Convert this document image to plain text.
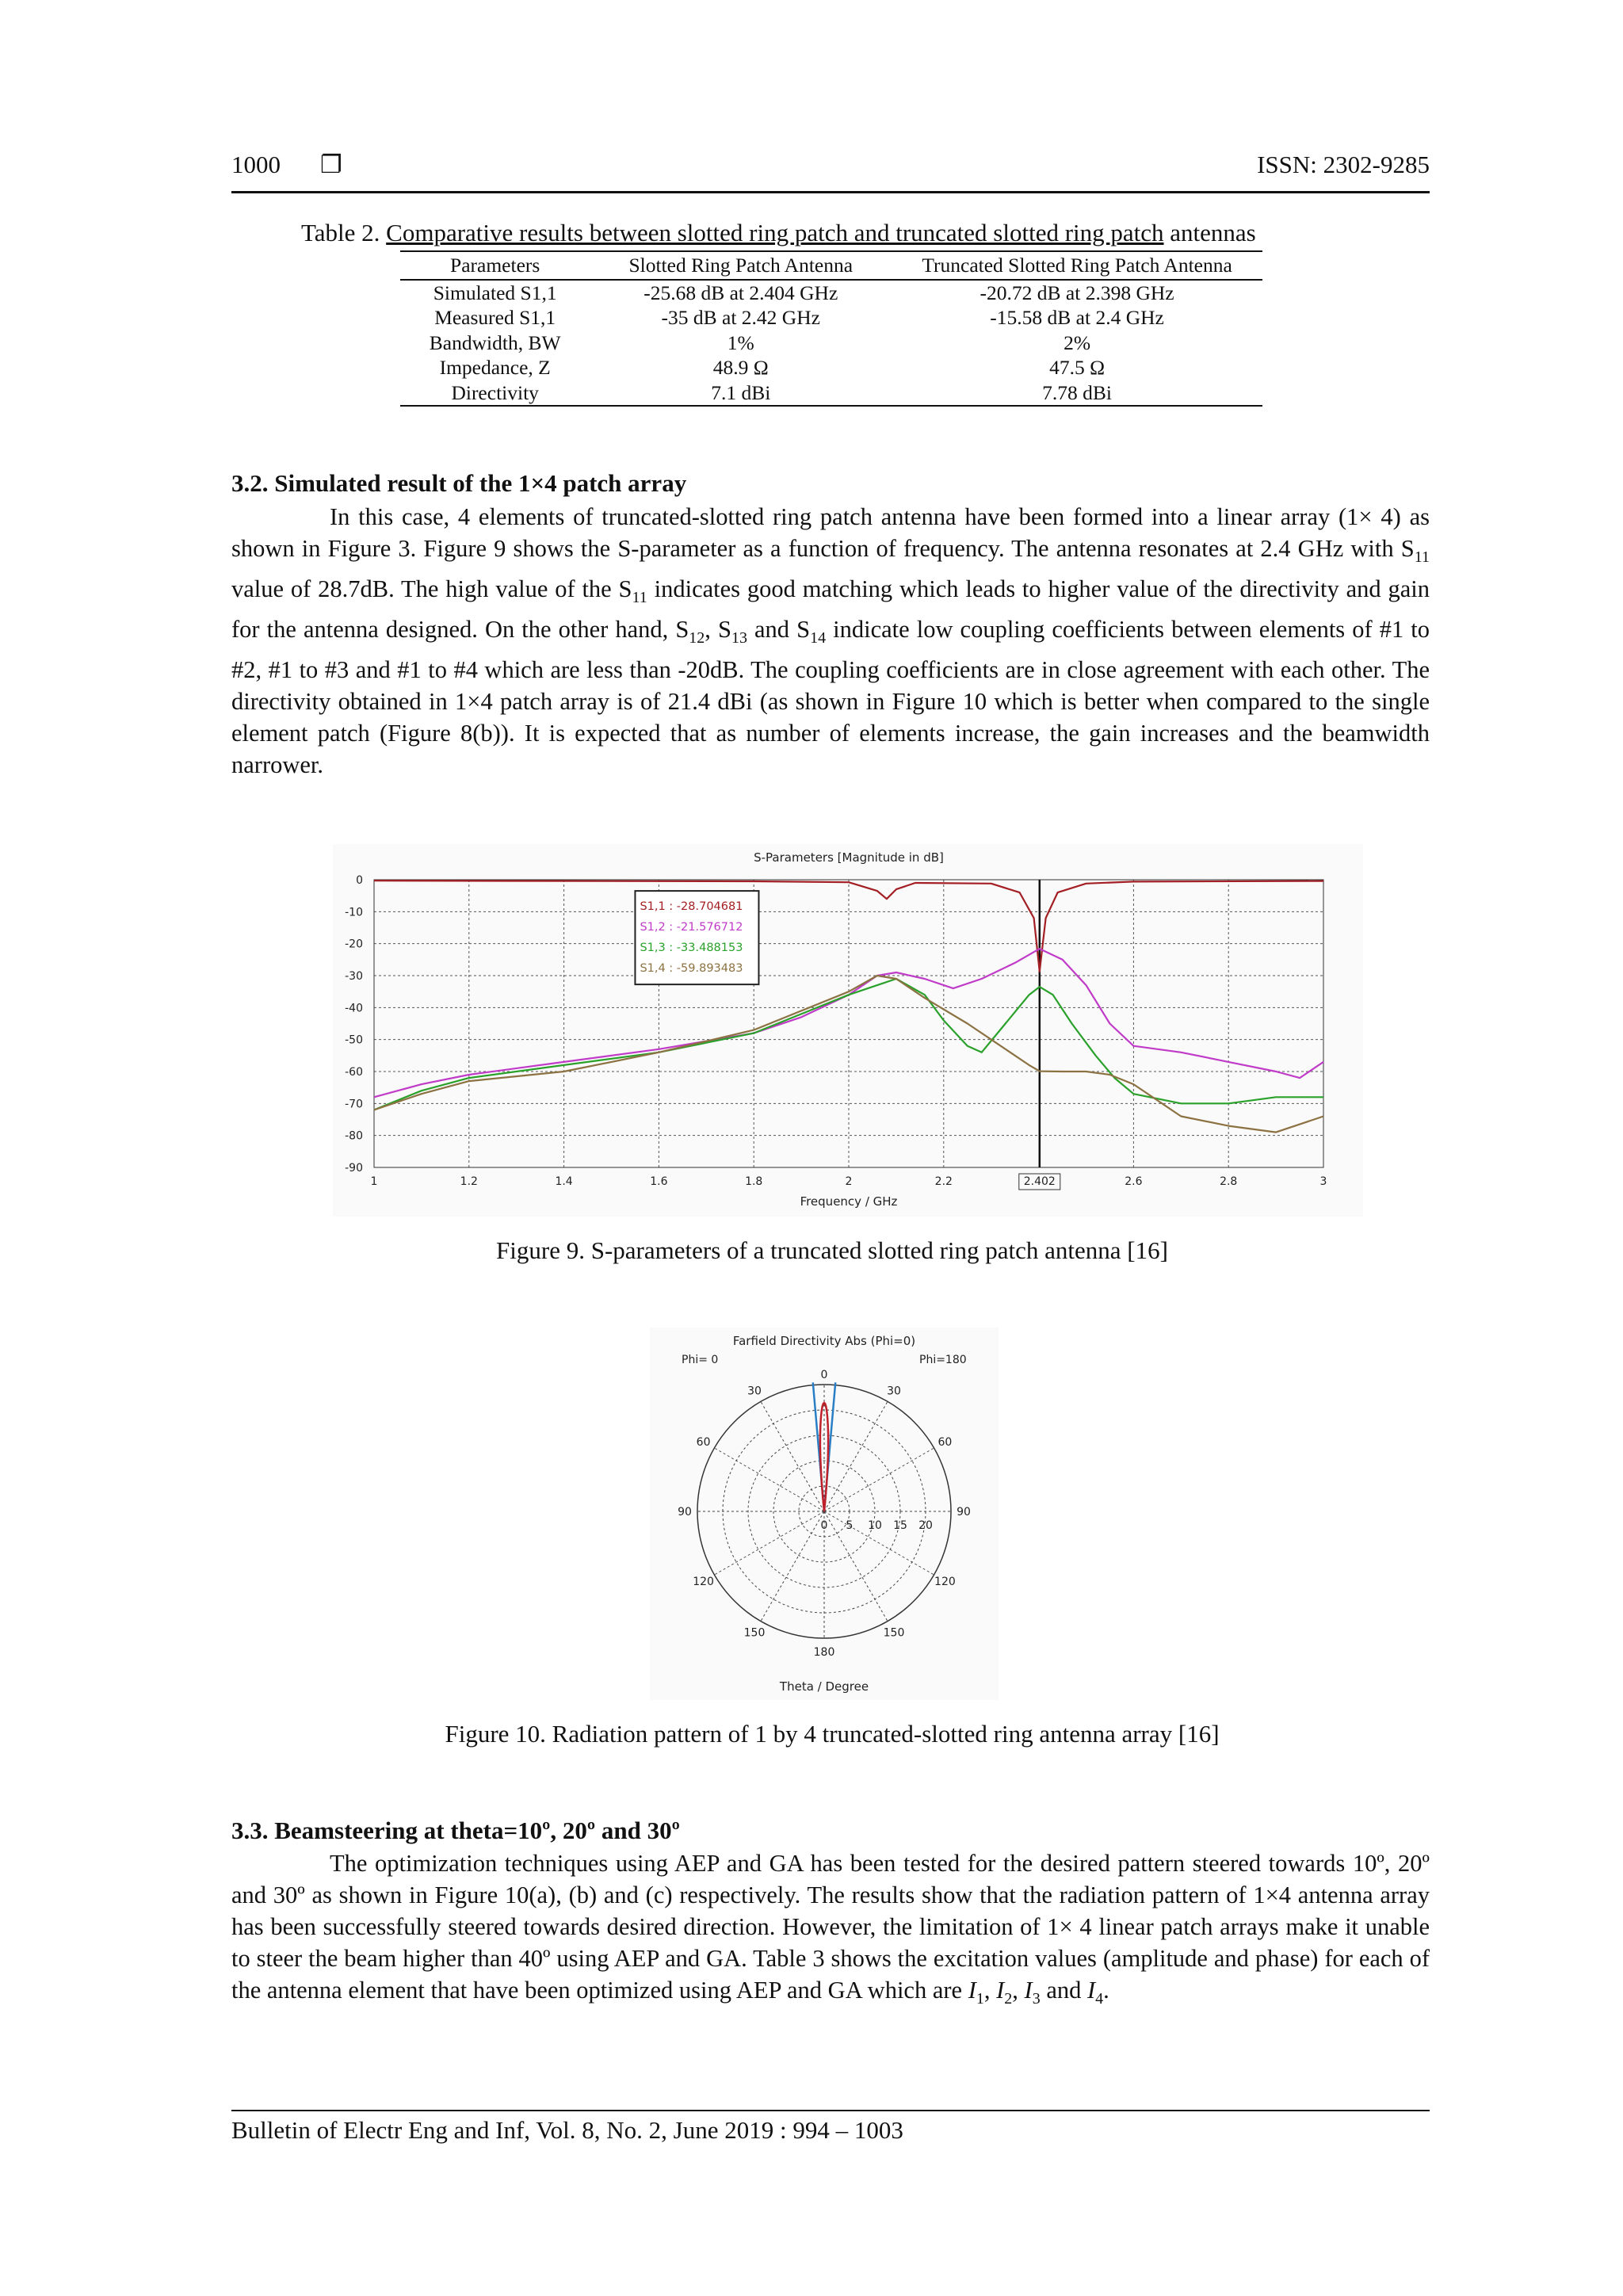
1000 ❐	ISSN: 2302-9285
Table 2. Comparative results between slotted ring patch and truncated slotted ring patch antennas
Parameters	Slotted Ring Patch Antenna	Truncated Slotted Ring Patch Antenna
Simulated S1,1	-25.68 dB at 2.404 GHz	-20.72 dB at 2.398 GHz
Measured S1,1	-35 dB at 2.42 GHz	-15.58 dB at 2.4 GHz
Bandwidth, BW	1%	2%
Impedance, Z	48.9 Ω	47.5 Ω
Directivity	7.1 dBi	7.78 dBi
3.2. Simulated result of the 1×4 patch array

In this case, 4 elements of truncated-slotted ring patch antenna have been formed into a linear array (1× 4) as shown in Figure 3. Figure 9 shows the S-parameter as a function of frequency. The antenna resonates at 2.4 GHz with $S_{11}$ value of 28.7dB. The high value of the $S_{11}$ indicates good matching which leads to higher value of the directivity and gain for the antenna designed. On the other hand, $S_{12}$, $S_{13}$ and $S_{14}$ indicate low coupling coefficients between elements of #1 to #2, #1 to #3 and #1 to #4 which are less than -20dB. The coupling coefficients are in close agreement with each other. The directivity obtained in 1×4 patch array is of 21.4 dBi (as shown in Figure 10 which is better when compared to the single element patch (Figure 8(b)). It is expected that as number of elements increase, the gain increases and the beamwidth narrower.

S-Parameters [Magnitude in dB]
Frequency / GHz
1	1.2	1.4	1.6	1.8	2	2.2	2.402	2.6	2.8	3
0
-10
-20
-30
-40
-50
-60
-70
-80
-90
S1,1 : -28.704681
S1,2 : -21.576712
S1,3 : -33.488153
S1,4 : -59.893483
Figure 9. S-parameters of a truncated slotted ring patch antenna [16]
Farfield Directivity Abs (Phi=0)
0
180
30	30
60	60
90	90
120	120
150	150
Phi= 0	Phi=180
0 5 10 15 20
Theta / Degree
Figure 10. Radiation pattern of 1 by 4 truncated-slotted ring antenna array [16]
3.3. Beamsteering at theta=10º, 20º and 30º

The optimization techniques using AEP and GA has been tested for the desired pattern steered towards 10º, 20º and 30º as shown in Figure 10(a), (b) and (c) respectively. The results show that the radiation pattern of 1×4 antenna array has been successfully steered towards desired direction. However, the limitation of 1× 4 linear patch arrays make it unable to steer the beam higher than 40º using AEP and GA. Table 3 shows the excitation values (amplitude and phase) for each of the antenna element that have been optimized using AEP and GA which are $I_1$, $I_2$, $I_3$ and $I_4$.

Bulletin of Electr Eng and Inf, Vol. 8, No. 2, June 2019 : 994 – 1003
